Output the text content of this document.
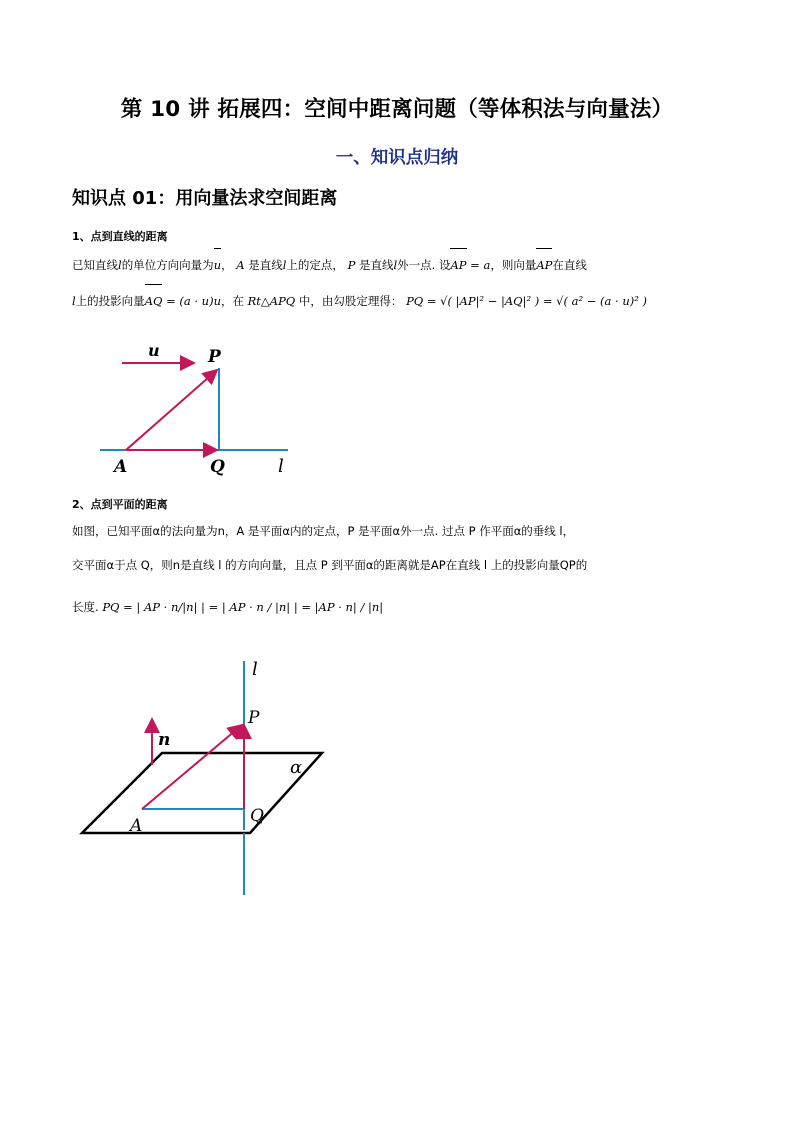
第 10 讲 拓展四：空间中距离问题（等体积法与向量法）
一、知识点归纳
知识点 01：用向量法求空间距离
1、点到直线的距离
已知直线l的单位方向向量为u， A 是直线l上的定点， P 是直线l外一点. 设AP = a，则向量AP在直线
l上的投影向量AQ = (a · u)u，在 Rt△APQ 中，由勾股定理得： PQ = √( |AP|² − |AQ|² ) = √( a² − (a · u)² )
u	P
A	Q	l
2、点到平面的距离
如图，已知平面α的法向量为n，A 是平面α内的定点，P 是平面α外一点. 过点 P 作平面α的垂线 l，
交平面α于点 Q，则n是直线 l 的方向向量，且点 P 到平面α的距离就是AP在直线 l 上的投影向量QP的
长度. PQ = | AP · n/|n| | = | AP · n / |n| | = |AP · n| / |n|
l
P
n
α
A	Q
